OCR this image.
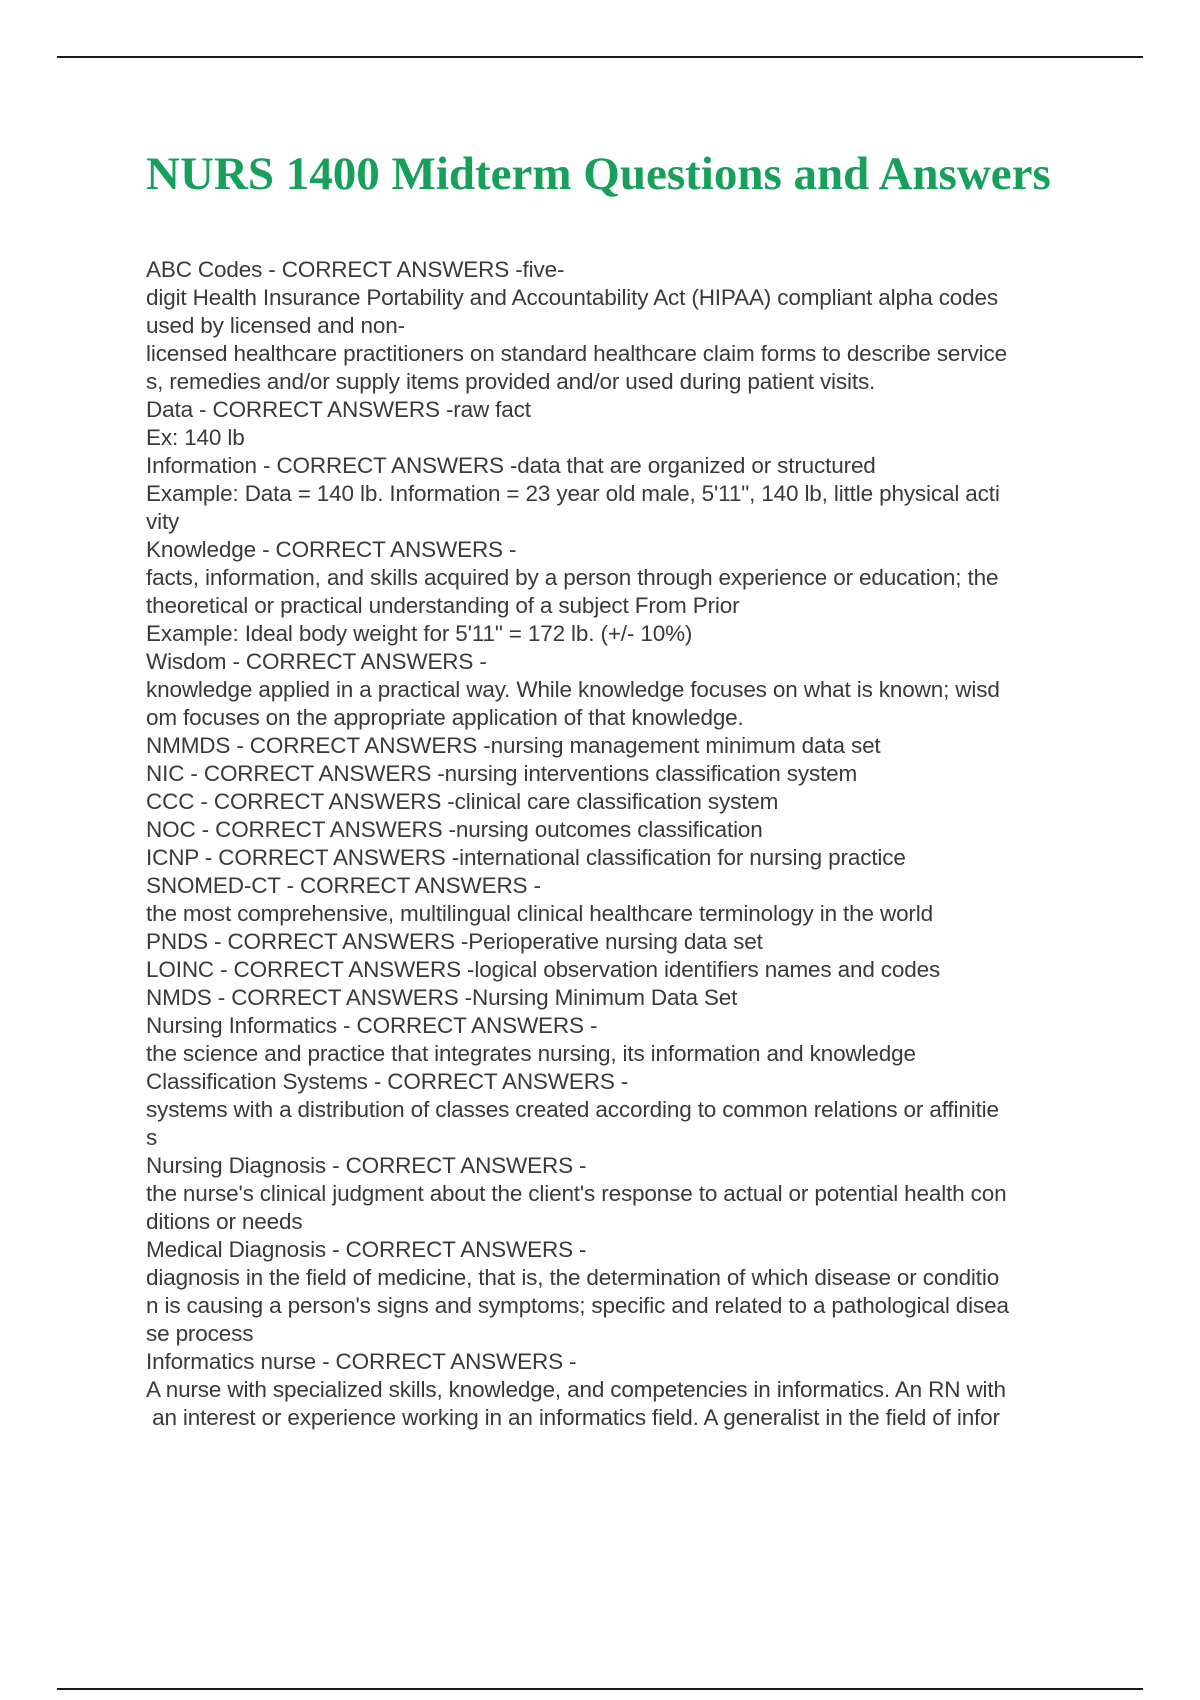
NURS 1400 Midterm Questions and Answers
ABC Codes - CORRECT ANSWERS -five-
digit Health Insurance Portability and Accountability Act (HIPAA) compliant alpha codes
used by licensed and non-
licensed healthcare practitioners on standard healthcare claim forms to describe service
s, remedies and/or supply items provided and/or used during patient visits.
Data - CORRECT ANSWERS -raw fact
Ex: 140 lb
Information - CORRECT ANSWERS -data that are organized or structured
Example: Data = 140 lb. Information = 23 year old male, 5'11", 140 lb, little physical acti
vity
Knowledge - CORRECT ANSWERS -
facts, information, and skills acquired by a person through experience or education; the
theoretical or practical understanding of a subject From Prior
Example: Ideal body weight for 5'11" = 172 lb. (+/- 10%)
Wisdom - CORRECT ANSWERS -
knowledge applied in a practical way. While knowledge focuses on what is known; wisd
om focuses on the appropriate application of that knowledge.
NMMDS - CORRECT ANSWERS -nursing management minimum data set
NIC - CORRECT ANSWERS -nursing interventions classification system
CCC - CORRECT ANSWERS -clinical care classification system
NOC - CORRECT ANSWERS -nursing outcomes classification
ICNP - CORRECT ANSWERS -international classification for nursing practice
SNOMED-CT - CORRECT ANSWERS -
the most comprehensive, multilingual clinical healthcare terminology in the world
PNDS - CORRECT ANSWERS -Perioperative nursing data set
LOINC - CORRECT ANSWERS -logical observation identifiers names and codes
NMDS - CORRECT ANSWERS -Nursing Minimum Data Set
Nursing Informatics - CORRECT ANSWERS -
the science and practice that integrates nursing, its information and knowledge
Classification Systems - CORRECT ANSWERS -
systems with a distribution of classes created according to common relations or affinitie
s
Nursing Diagnosis - CORRECT ANSWERS -
the nurse's clinical judgment about the client's response to actual or potential health con
ditions or needs
Medical Diagnosis - CORRECT ANSWERS -
diagnosis in the field of medicine, that is, the determination of which disease or conditio
n is causing a person's signs and symptoms; specific and related to a pathological disea
se process
Informatics nurse - CORRECT ANSWERS -
A nurse with specialized skills, knowledge, and competencies in informatics. An RN with
an interest or experience working in an informatics field. A generalist in the field of infor
